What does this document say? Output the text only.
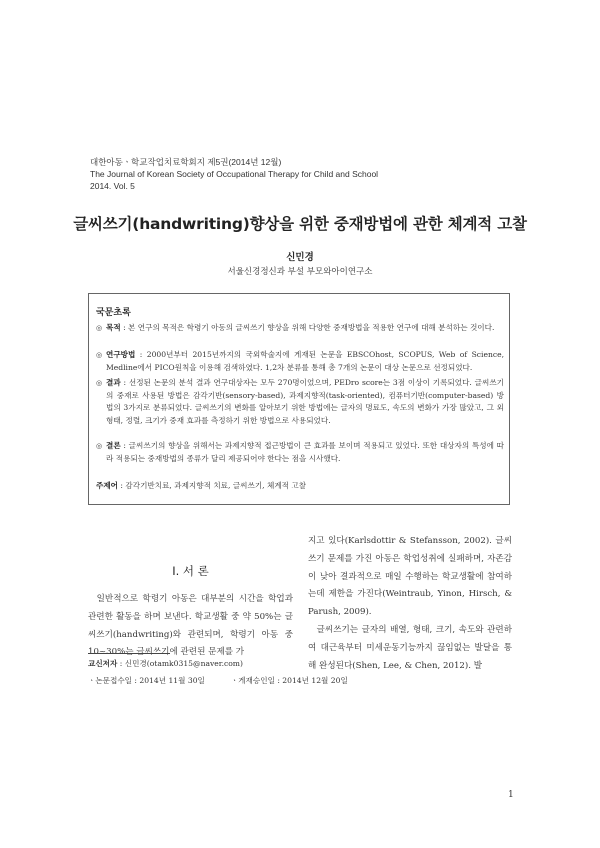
대한아동ㆍ학교작업치료학회지 제5권(2014년 12월)
The Journal of Korean Society of Occupational Therapy for Child and School
2014. Vol. 5
글씨쓰기(handwriting)향상을 위한 중재방법에 관한 체계적 고찰
신민경
서울신경정신과 부설 부모와아이연구소
국문초록
◎ 목적 : 본 연구의 목적은 학령기 아동의 글씨쓰기 향상을 위해 다양한 중재방법을 적용한 연구에 대해 분석하는 것이다.
◎ 연구방법 : 2000년부터 2015년까지의 국외학술지에 게재된 논문을 EBSCOhost, SCOPUS, Web of Science, Medline에서 PICO원칙을 이용해 검색하였다. 1,2차 분류를 통해 총 7개의 논문이 대상 논문으로 선정되었다.
◎ 결과 : 선정된 논문의 분석 결과 연구대상자는 모두 270명이었으며, PEDro score는 3점 이상이 기록되었다. 글씨쓰기의 중재로 사용된 방법은 감각기반(sensory-based), 과제지향적(task-oriented), 컴퓨터기반(computer-based) 방법의 3가지로 분류되었다. 글씨쓰기의 변화를 알아보기 위한 방법에는 글자의 명료도, 속도의 변화가 가장 많았고, 그 외 형태, 정렬, 크기가 중재 효과를 측정하기 위한 방법으로 사용되었다.
◎ 결론 : 글씨쓰기의 향상을 위해서는 과제지향적 접근방법이 큰 효과를 보이며 적용되고 있었다. 또한 대상자의 특성에 따라 적용되는 중재방법의 종류가 달리 제공되어야 한다는 점을 시사했다.
주제어 : 감각기반치료, 과제지향적 치료, 글씨쓰기, 체계적 고찰
Ⅰ. 서 론
일반적으로 학령기 아동은 대부분의 시간을 학업과 관련한 활동을 하며 보낸다. 학교생활 중 약 50%는 글씨쓰기(handwriting)와 관련되며, 학령기 아동 중 10~30%는 글씨쓰기에 관련된 문제를 가
지고 있다(Karlsdottir & Stefansson, 2002). 글씨쓰기 문제를 가진 아동은 학업성취에 실패하며, 자존감이 낮아 결과적으로 매일 수행하는 학교생활에 참여하는데 제한을 가진다(Weintraub, Yinon, Hirsch, & Parush, 2009).
글씨쓰기는 글자의 배열, 형태, 크기, 속도와 관련하여 대근육부터 미세운동기능까지 끊임없는 발달을 통해 완성된다(Shen, Lee, & Chen, 2012). 발
교신저자 : 신민경(otamk0315@naver.com)
ㆍ논문접수일 : 2014년 11월 30일	ㆍ게재승인일 : 2014년 12월 20일
1
